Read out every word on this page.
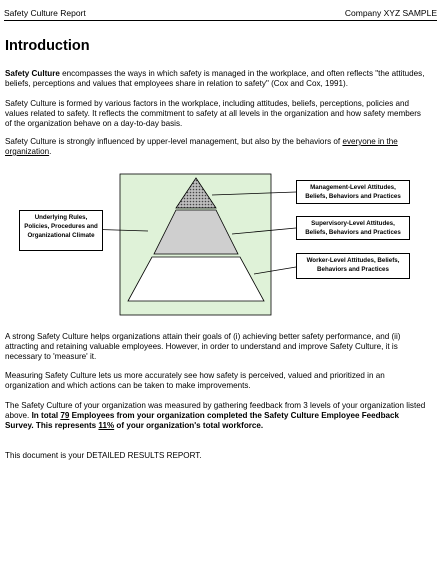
Safety Culture Report	Company XYZ SAMPLE
Introduction

Safety Culture encompasses the ways in which safety is managed in the workplace, and often reflects "the attitudes, beliefs, perceptions and values that employees share in relation to safety" (Cox and Cox, 1991).

Safety Culture is formed by various factors in the workplace, including attitudes, beliefs, perceptions, policies and values related to safety. It reflects the commitment to safety at all levels in the organization and how safety members of the organization behave on a day-to-day basis.

Safety Culture is strongly influenced by upper-level management, but also by the behaviors of everyone in the organization.

Underlying Rules, Policies, Procedures and Organizational Climate
Management-Level Attitudes, Beliefs, Behaviors and Practices
Supervisory-Level Attitudes, Beliefs, Behaviors and Practices
Worker-Level Attitudes, Beliefs, Behaviors and Practices

A strong Safety Culture helps organizations attain their goals of (i) achieving better safety performance, and (ii) attracting and retaining valuable employees. However, in order to understand and improve Safety Culture, it is necessary to 'measure' it.

Measuring Safety Culture lets us more accurately see how safety is perceived, valued and prioritized in an organization and which actions can be taken to make improvements.

The Safety Culture of your organization was measured by gathering feedback from 3 levels of your organization listed above. In total 79 Employees from your organization completed the Safety Culture Employee Feedback Survey. This represents 11% of your organization's total workforce.

This document is your DETAILED RESULTS REPORT.
